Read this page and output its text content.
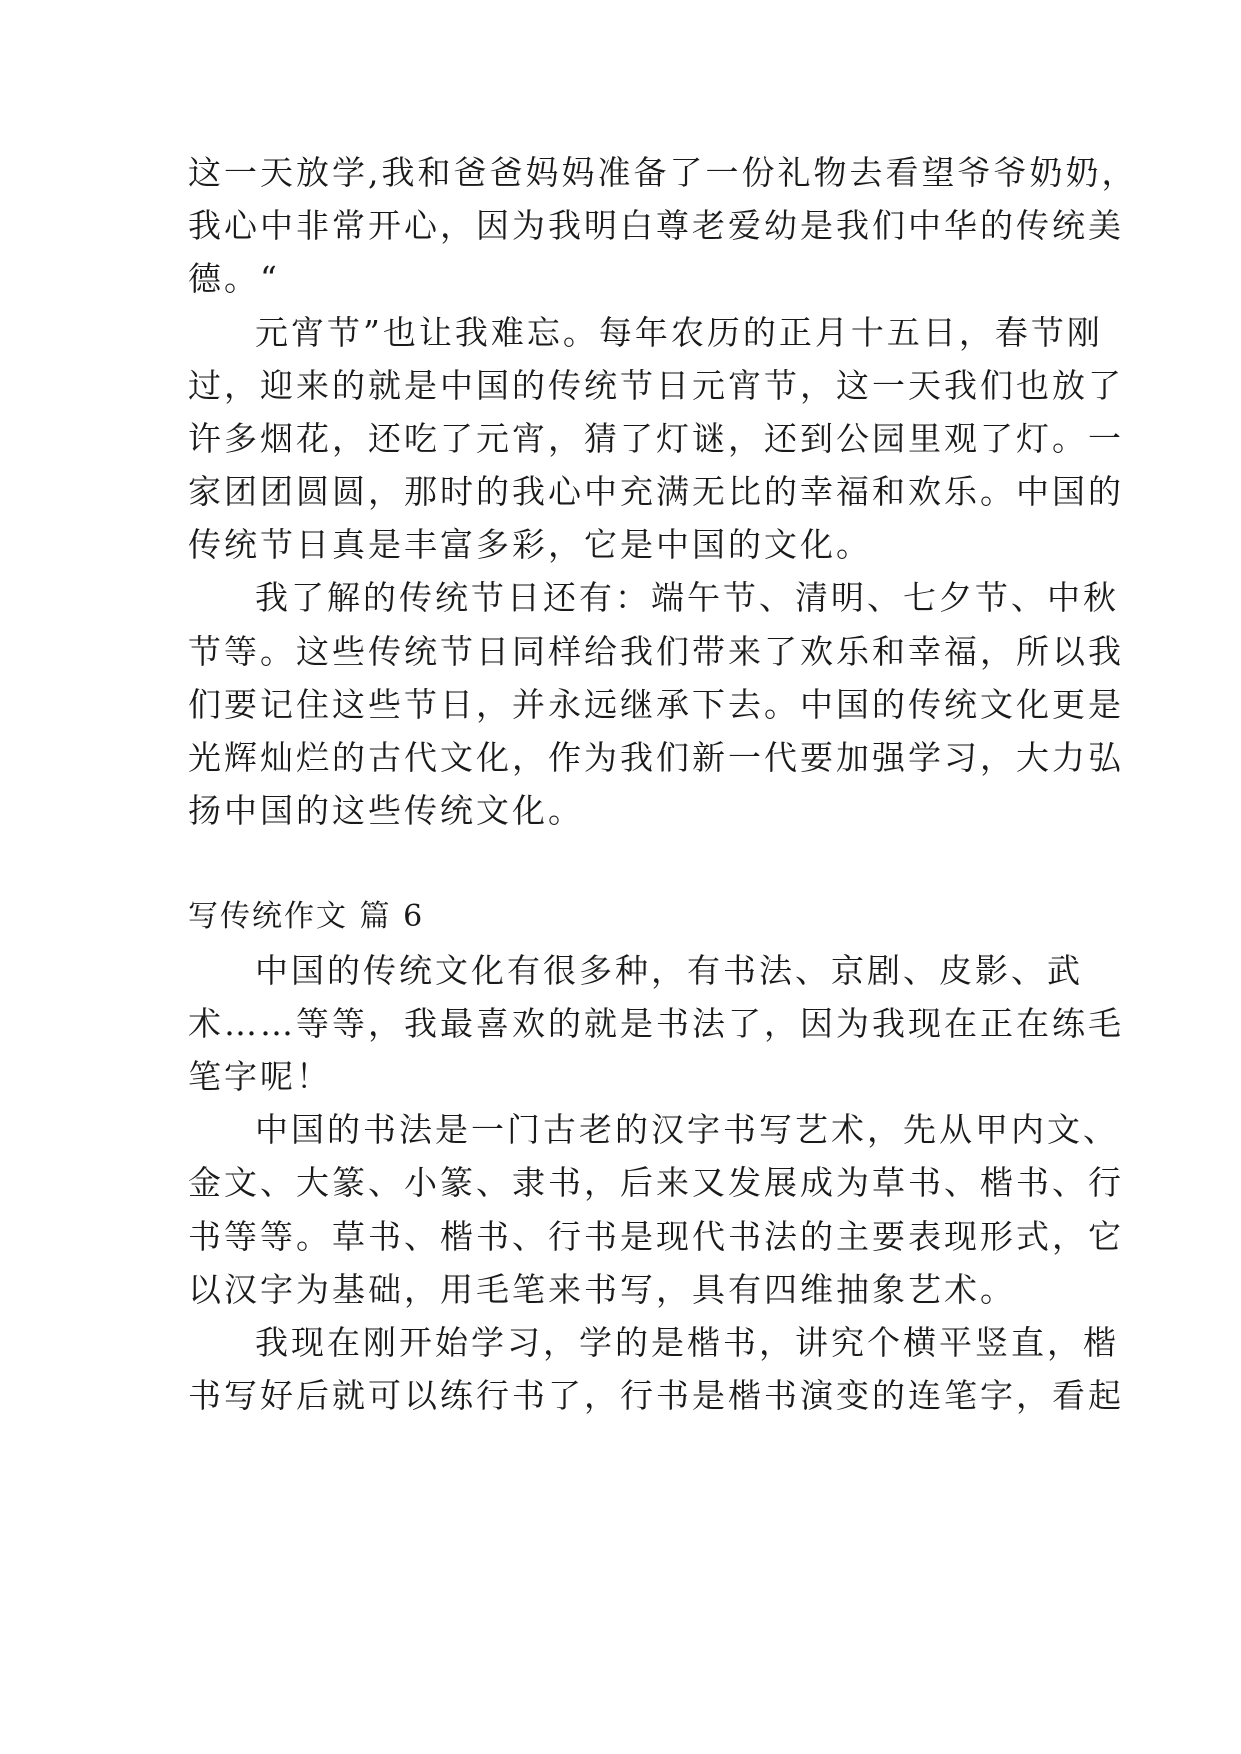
这一天放学,我和爸爸妈妈准备了一份礼物去看望爷爷奶奶，
我心中非常开心，因为我明白尊老爱幼是我们中华的传统美
德。“
元宵节”也让我难忘。每年农历的正月十五日，春节刚
过，迎来的就是中国的传统节日元宵节，这一天我们也放了
许多烟花，还吃了元宵，猜了灯谜，还到公园里观了灯。一
家团团圆圆，那时的我心中充满无比的幸福和欢乐。中国的
传统节日真是丰富多彩，它是中国的文化。
我了解的传统节日还有：端午节、清明、七夕节、中秋
节等。这些传统节日同样给我们带来了欢乐和幸福，所以我
们要记住这些节日，并永远继承下去。中国的传统文化更是
光辉灿烂的古代文化，作为我们新一代要加强学习，大力弘
扬中国的这些传统文化。
写传统作文 篇 6
中国的传统文化有很多种，有书法、京剧、皮影、武
术……等等，我最喜欢的就是书法了，因为我现在正在练毛
笔字呢！
中国的书法是一门古老的汉字书写艺术，先从甲内文、
金文、大篆、小篆、隶书，后来又发展成为草书、楷书、行
书等等。草书、楷书、行书是现代书法的主要表现形式，它
以汉字为基础，用毛笔来书写，具有四维抽象艺术。
我现在刚开始学习，学的是楷书，讲究个横平竖直，楷
书写好后就可以练行书了，行书是楷书演变的连笔字，看起
